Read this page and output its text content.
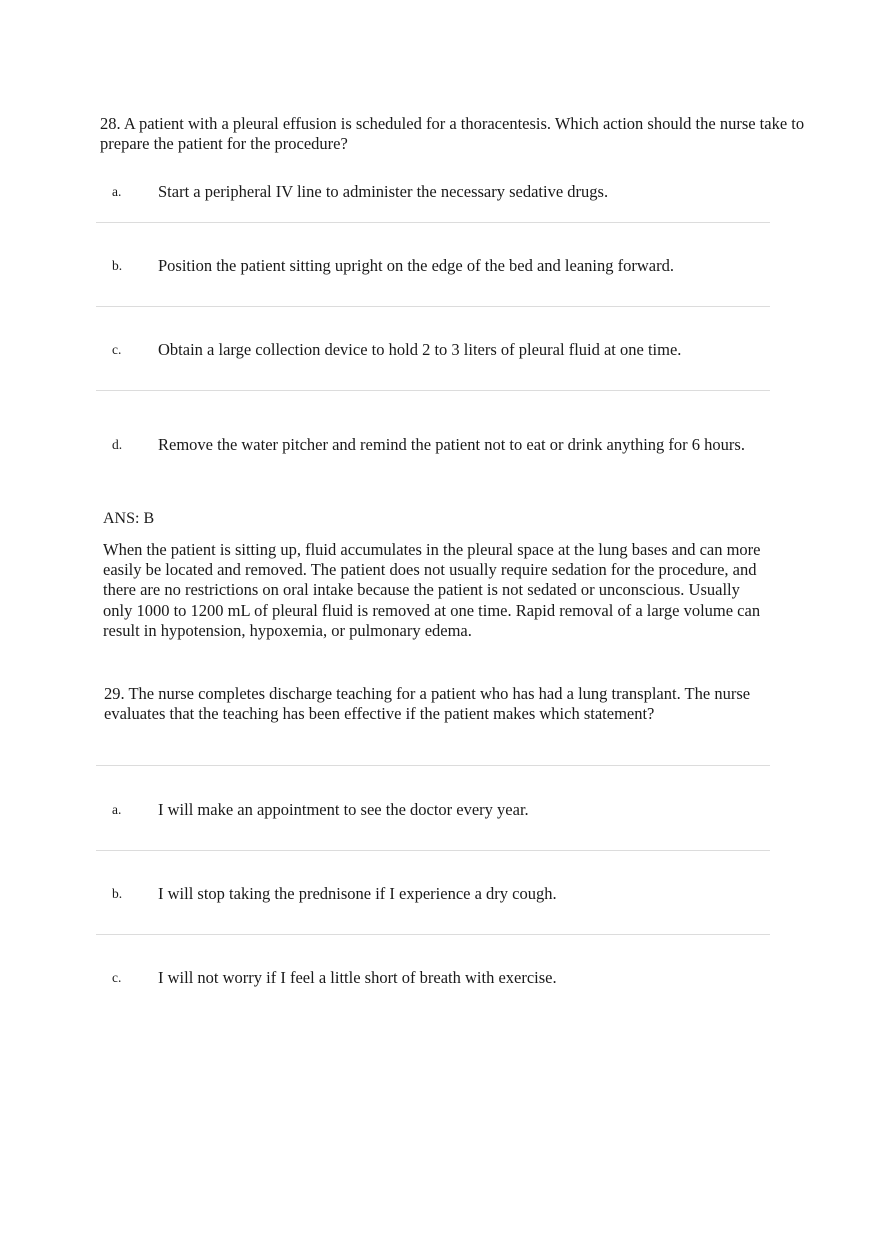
28. A patient with a pleural effusion is scheduled for a thoracentesis. Which action should the nurse take to prepare the patient for the procedure?

a.	Start a peripheral IV line to administer the necessary sedative drugs.
b.	Position the patient sitting upright on the edge of the bed and leaning forward.
c.	Obtain a large collection device to hold 2 to 3 liters of pleural fluid at one time.
d.	Remove the water pitcher and remind the patient not to eat or drink anything for 6 hours.

ANS: B

When the patient is sitting up, fluid accumulates in the pleural space at the lung bases and can more easily be located and removed. The patient does not usually require sedation for the procedure, and there are no restrictions on oral intake because the patient is not sedated or unconscious. Usually only 1000 to 1200 mL of pleural fluid is removed at one time. Rapid removal of a large volume can result in hypotension, hypoxemia, or pulmonary edema.

29. The nurse completes discharge teaching for a patient who has had a lung transplant. The nurse evaluates that the teaching has been effective if the patient makes which statement?

a.	I will make an appointment to see the doctor every year.
b.	I will stop taking the prednisone if I experience a dry cough.
c.	I will not worry if I feel a little short of breath with exercise.
